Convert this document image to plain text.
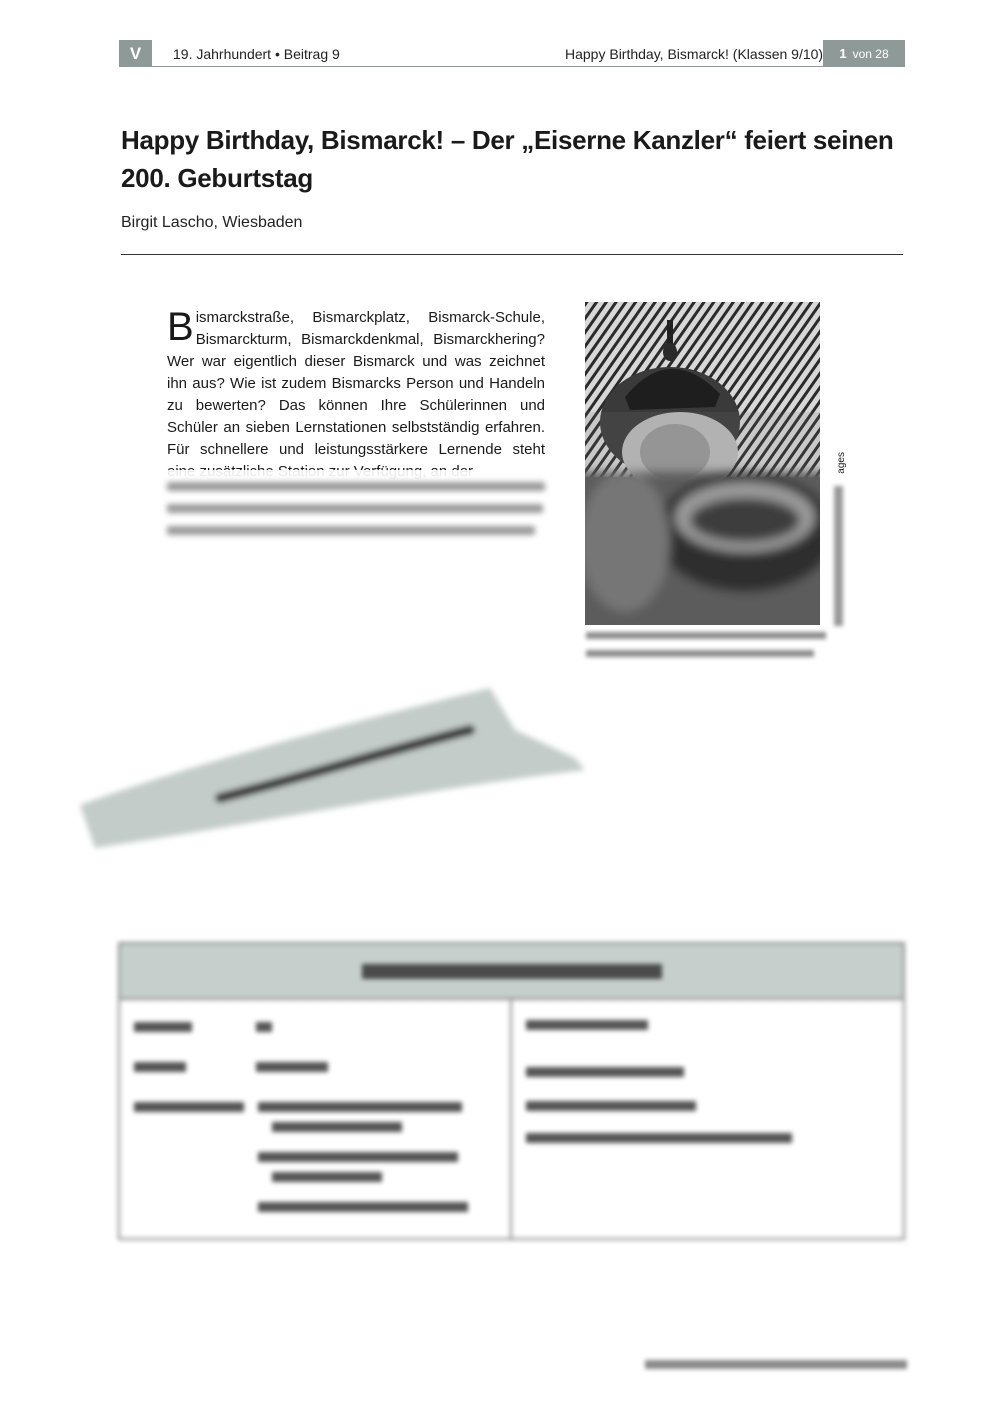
V 19. Jahrhundert • Beitrag 9	Happy Birthday, Bismarck! (Klassen 9/10) 1 von 28
Happy Birthday, Bismarck! – Der „Eiserne Kanzler“ feiert seinen 200. Geburtstag
Birgit Lascho, Wiesbaden
B ismarckstraße, Bismarckplatz, Bismarck-Schule, Bismarckturm, Bismarckdenkmal, Bismarckhering? Wer war eigentlich dieser Bismarck und was zeichnet ihn aus? Wie ist zudem Bismarcks Person und Handeln zu bewerten? Das können Ihre Schülerinnen und Schüler an sieben Lernstationen selbstständig erfahren. Für schnellere und leistungsstärkere Lernende steht
ages
